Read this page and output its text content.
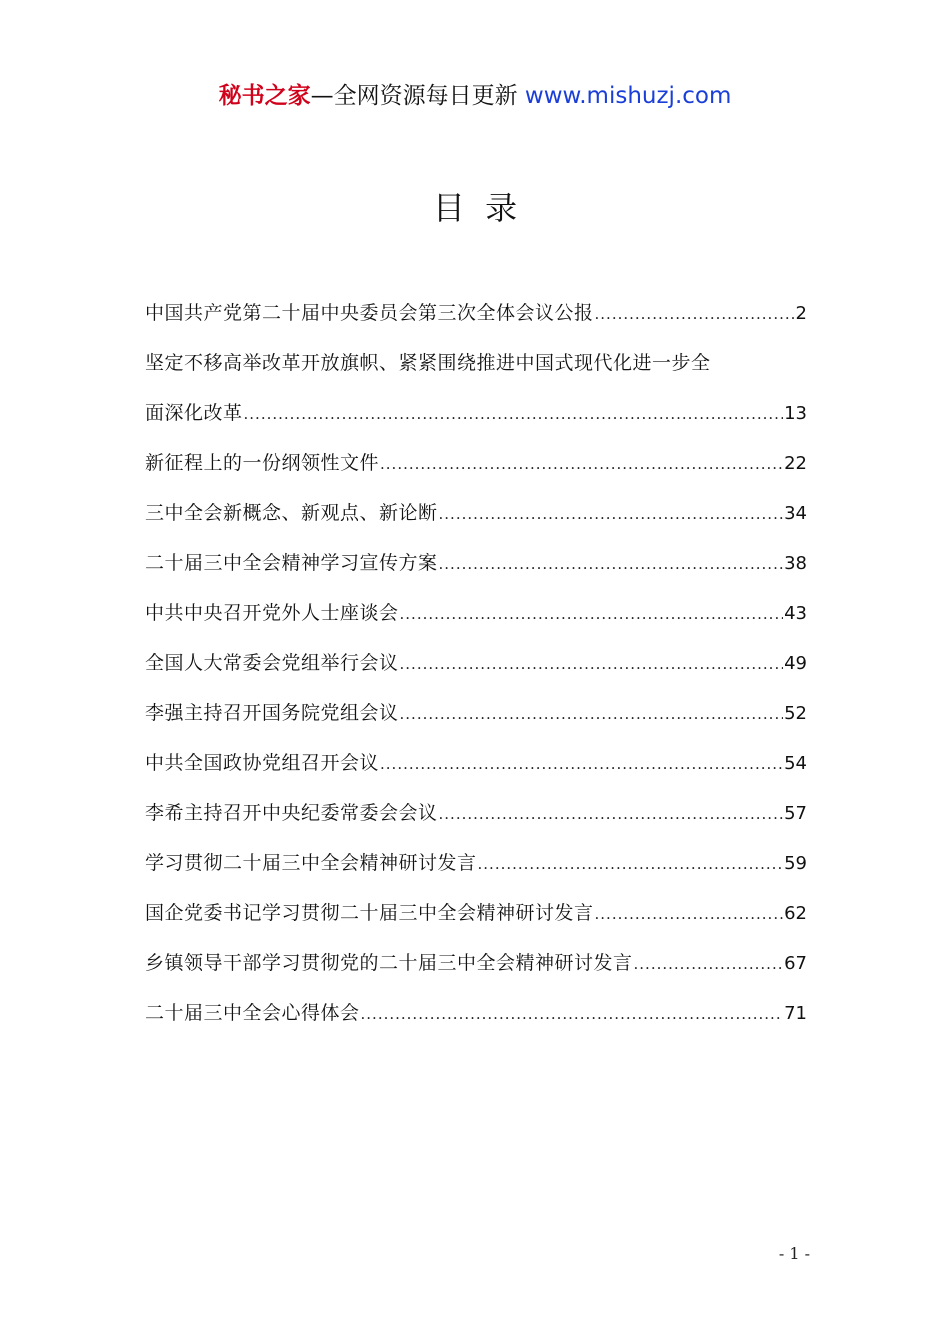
秘书之家—全网资源每日更新 www.mishuzj.com
目  录
中国共产党第二十届中央委员会第三次全体会议公报 .....	2
坚定不移高举改革开放旗帜、紧紧围绕推进中国式现代化进一步全
面深化改革 .....	13
新征程上的一份纲领性文件 .....	22
三中全会新概念、新观点、新论断 .....	34
二十届三中全会精神学习宣传方案 .....	38
中共中央召开党外人士座谈会 .....	43
全国人大常委会党组举行会议 .....	49
李强主持召开国务院党组会议 .....	52
中共全国政协党组召开会议 .....	54
李希主持召开中央纪委常委会会议 .....	57
学习贯彻二十届三中全会精神研讨发言 .....	59
国企党委书记学习贯彻二十届三中全会精神研讨发言 .....	62
乡镇领导干部学习贯彻党的二十届三中全会精神研讨发言 .....	67
二十届三中全会心得体会 .....	71
- 1 -
